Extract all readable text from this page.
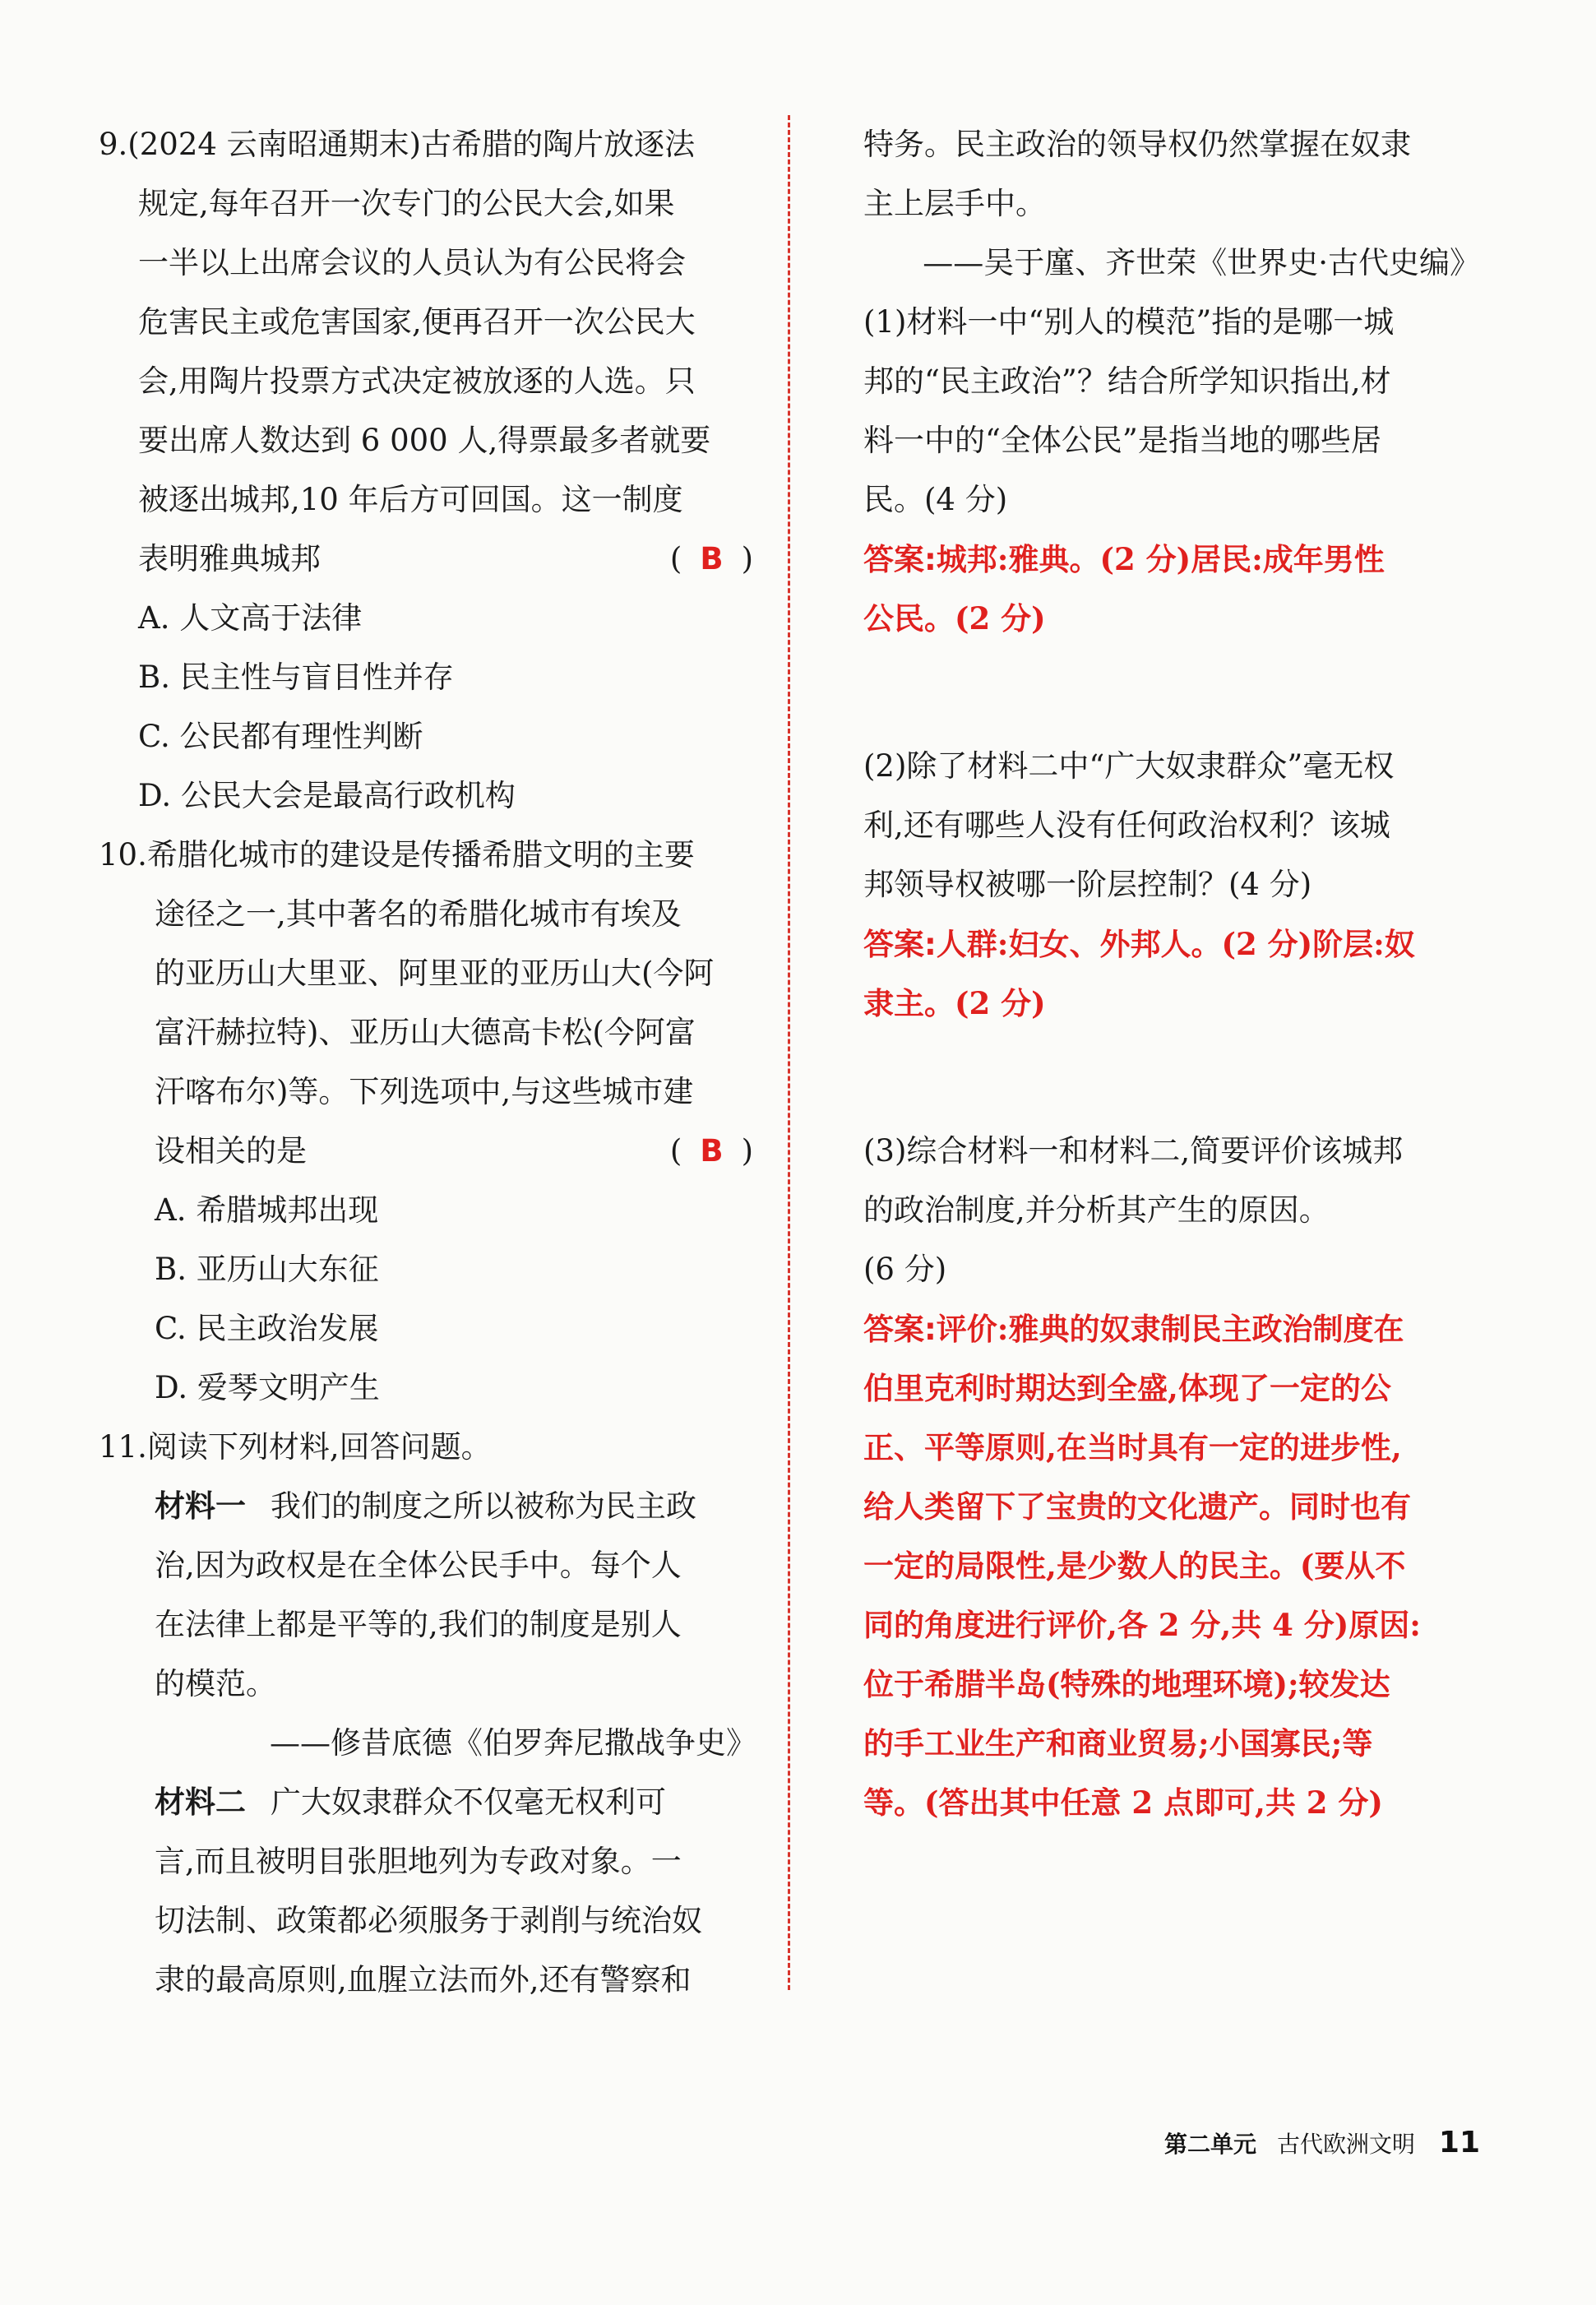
9.(2024 云南昭通期末)古希腊的陶片放逐法
规定,每年召开一次专门的公民大会,如果
一半以上出席会议的人员认为有公民将会
危害民主或危害国家,便再召开一次公民大
会,用陶片投票方式决定被放逐的人选。只
要出席人数达到 6 000 人,得票最多者就要
被逐出城邦,10 年后方可回国。这一制度
表明雅典城邦	( B )
A. 人文高于法律
B. 民主性与盲目性并存
C. 公民都有理性判断
D. 公民大会是最高行政机构
10.希腊化城市的建设是传播希腊文明的主要
途径之一,其中著名的希腊化城市有埃及
的亚历山大里亚、阿里亚的亚历山大(今阿
富汗赫拉特)、亚历山大德高卡松(今阿富
汗喀布尔)等。下列选项中,与这些城市建
设相关的是	( B )
A. 希腊城邦出现
B. 亚历山大东征
C. 民主政治发展
D. 爱琴文明产生
11.阅读下列材料,回答问题。
材料一 我们的制度之所以被称为民主政
治,因为政权是在全体公民手中。每个人
在法律上都是平等的,我们的制度是别人
的模范。
——修昔底德《伯罗奔尼撒战争史》
材料二 广大奴隶群众不仅毫无权利可
言,而且被明目张胆地列为专政对象。一
切法制、政策都必须服务于剥削与统治奴
隶的最高原则,血腥立法而外,还有警察和
特务。民主政治的领导权仍然掌握在奴隶
主上层手中。
——吴于廑、齐世荣《世界史·古代史编》
(1)材料一中“别人的模范”指的是哪一城
邦的“民主政治”？结合所学知识指出,材
料一中的“全体公民”是指当地的哪些居
民。(4 分)
答案:城邦:雅典。(2 分)居民:成年男性
公民。(2 分)
(2)除了材料二中“广大奴隶群众”毫无权
利,还有哪些人没有任何政治权利？该城
邦领导权被哪一阶层控制？(4 分)
答案:人群:妇女、外邦人。(2 分)阶层:奴
隶主。(2 分)
(3)综合材料一和材料二,简要评价该城邦
的政治制度,并分析其产生的原因。
(6 分)
答案:评价:雅典的奴隶制民主政治制度在
伯里克利时期达到全盛,体现了一定的公
正、平等原则,在当时具有一定的进步性,
给人类留下了宝贵的文化遗产。同时也有
一定的局限性,是少数人的民主。(要从不
同的角度进行评价,各 2 分,共 4 分)原因:
位于希腊半岛(特殊的地理环境);较发达
的手工业生产和商业贸易;小国寡民;等
等。(答出其中任意 2 点即可,共 2 分)
第二单元 古代欧洲文明 11
